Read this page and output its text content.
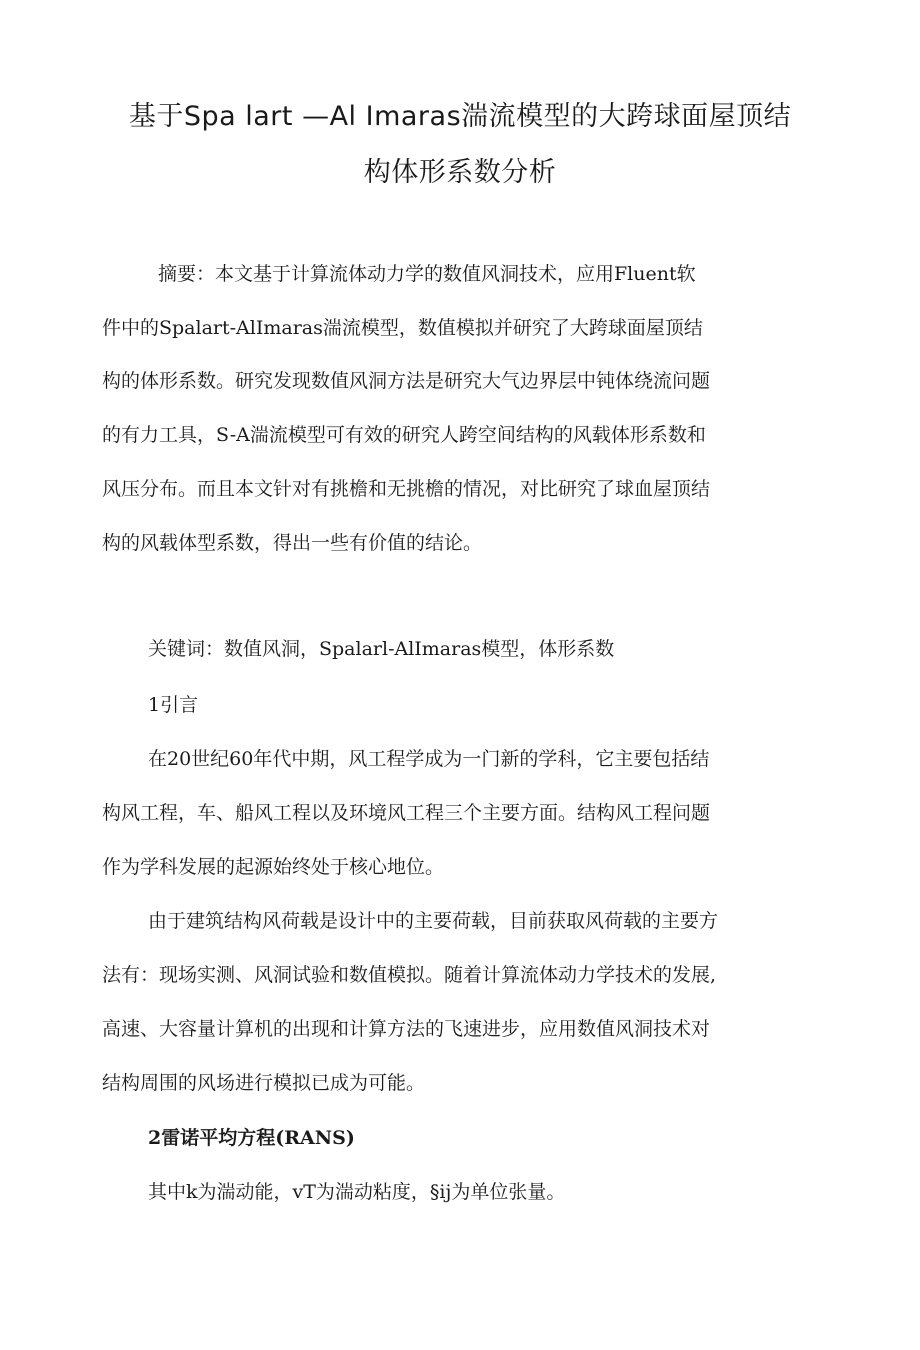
基于Spa lart —Al Imaras湍流模型的大跨球面屋顶结
构体形系数分析

摘要：本文基于计算流体动力学的数值风洞技术，应用Fluent软

件中的Spalart-AlImaras湍流模型，数值模拟并研究了大跨球面屋顶结

构的体形系数。研究发现数值风洞方法是研究大气边界层中钝体绕流问题

的有力工具，S-A湍流模型可有效的研究人跨空间结构的风载体形系数和

风压分布。而且本文针对有挑檐和无挑檐的情况，对比研究了球血屋顶结

构的风载体型系数，得出一些有价值的结论。

关键词：数值风洞，Spalarl-AlImaras模型，体形系数

1引言

在20世纪60年代中期，风工程学成为一门新的学科，它主要包括结

构风工程，车、船风工程以及环境风工程三个主要方面。结构风工程问题

作为学科发展的起源始终处于核心地位。

由于建筑结构风荷载是设计中的主要荷载，目前获取风荷载的主要方

法有：现场实测、风洞试验和数值模拟。随着计算流体动力学技术的发展,

高速、大容量计算机的出现和计算方法的飞速进步，应用数值风洞技术对

结构周围的风场进行模拟已成为可能。

2雷诺平均方程(RANS)

其中k为湍动能，vT为湍动粘度，§ij为单位张量。
